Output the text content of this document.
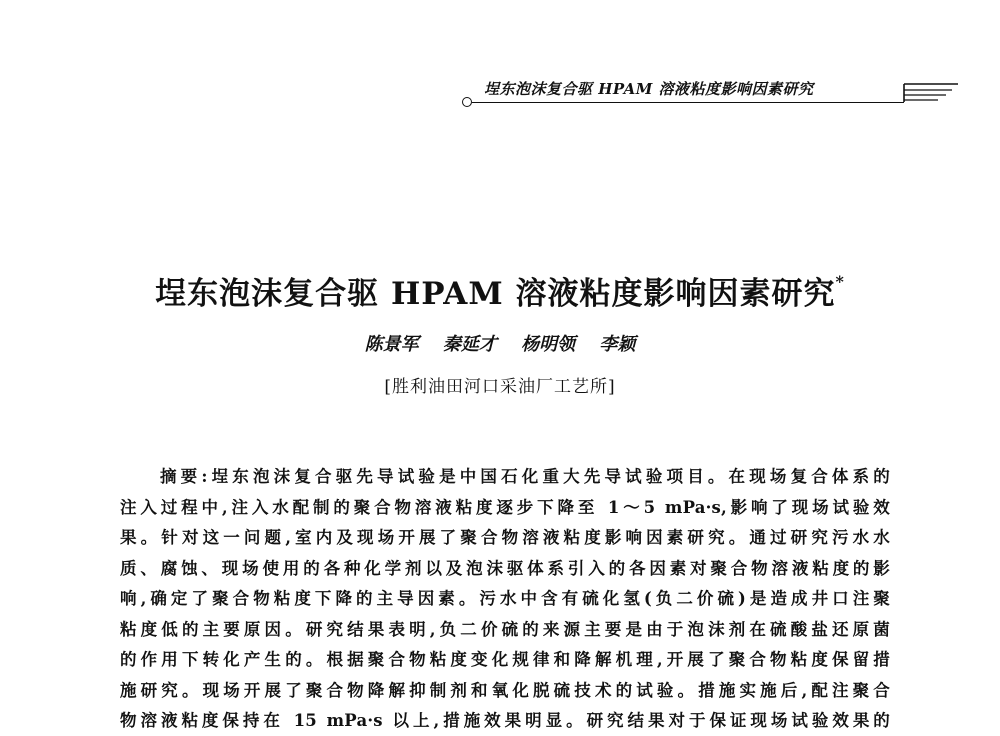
埕东泡沫复合驱 HPAM 溶液粘度影响因素研究
埕东泡沫复合驱 HPAM 溶液粘度影响因素研究*
陈景军 秦延才 杨明领 李颖
[胜利油田河口采油厂工艺所]
摘要:埕东泡沫复合驱先导试验是中国石化重大先导试验项目。在现场复合体系的
注入过程中,注入水配制的聚合物溶液粘度逐步下降至 1～5 mPa·s,影响了现场试验效
果。针对这一问题,室内及现场开展了聚合物溶液粘度影响因素研究。通过研究污水水
质、腐蚀、现场使用的各种化学剂以及泡沫驱体系引入的各因素对聚合物溶液粘度的影
响,确定了聚合物粘度下降的主导因素。污水中含有硫化氢(负二价硫)是造成井口注聚
粘度低的主要原因。研究结果表明,负二价硫的来源主要是由于泡沫剂在硫酸盐还原菌
的作用下转化产生的。根据聚合物粘度变化规律和降解机理,开展了聚合物粘度保留措
施研究。现场开展了聚合物降解抑制剂和氧化脱硫技术的试验。措施实施后,配注聚合
物溶液粘度保持在 15 mPa·s 以上,措施效果明显。研究结果对于保证现场试验效果的
